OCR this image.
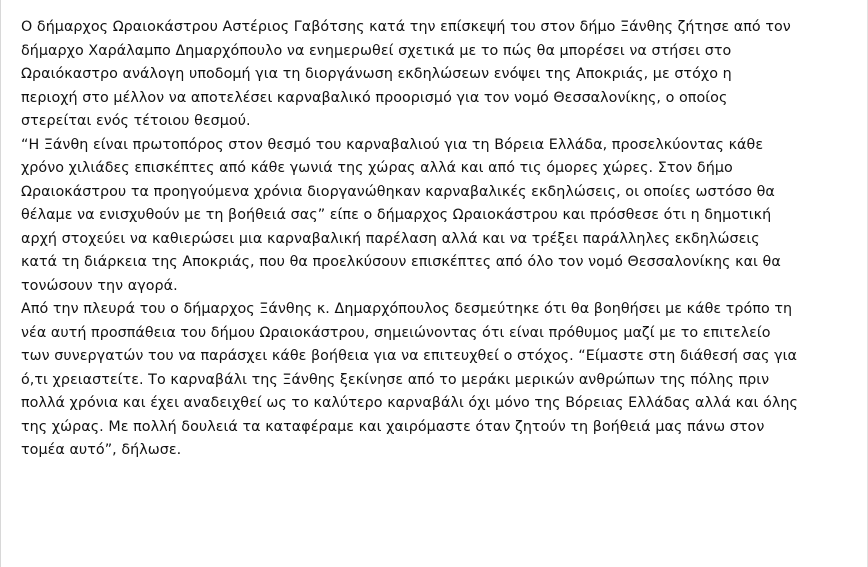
Ο δήμαρχος Ωραιοκάστρου Αστέριος Γαβότσης κατά την επίσκεψή του στον δήμο Ξάνθης ζήτησε από τον
δήμαρχο Χαράλαμπο Δημαρχόπουλο να ενημερωθεί σχετικά με το πώς θα μπορέσει να στήσει στο
Ωραιόκαστρο ανάλογη υποδομή για τη διοργάνωση εκδηλώσεων ενόψει της Αποκριάς, με στόχο η
περιοχή στο μέλλον να αποτελέσει καρναβαλικό προορισμό για τον νομό Θεσσαλονίκης, ο οποίος
στερείται ενός τέτοιου θεσμού.

“Η Ξάνθη είναι πρωτοπόρος στον θεσμό του καρναβαλιού για τη Βόρεια Ελλάδα, προσελκύοντας κάθε
χρόνο χιλιάδες επισκέπτες από κάθε γωνιά της χώρας αλλά και από τις όμορες χώρες. Στον δήμο
Ωραιοκάστρου τα προηγούμενα χρόνια διοργανώθηκαν καρναβαλικές εκδηλώσεις, οι οποίες ωστόσο θα
θέλαμε να ενισχυθούν με τη βοήθειά σας” είπε ο δήμαρχος Ωραιοκάστρου και πρόσθεσε ότι η δημοτική
αρχή στοχεύει να καθιερώσει μια καρναβαλική παρέλαση αλλά και να τρέξει παράλληλες εκδηλώσεις
κατά τη διάρκεια της Αποκριάς, που θα προελκύσουν επισκέπτες από όλο τον νομό Θεσσαλονίκης και θα
τονώσουν την αγορά.

Από την πλευρά του ο δήμαρχος Ξάνθης κ. Δημαρχόπουλος δεσμεύτηκε ότι θα βοηθήσει με κάθε τρόπο τη
νέα αυτή προσπάθεια του δήμου Ωραιοκάστρου, σημειώνοντας ότι είναι πρόθυμος μαζί με το επιτελείο
των συνεργατών του να παράσχει κάθε βοήθεια για να επιτευχθεί ο στόχος. “Είμαστε στη διάθεσή σας για
ό,τι χρειαστείτε. Το καρναβάλι της Ξάνθης ξεκίνησε από το μεράκι μερικών ανθρώπων της πόλης πριν
πολλά χρόνια και έχει αναδειχθεί ως το καλύτερο καρναβάλι όχι μόνο της Βόρειας Ελλάδας αλλά και όλης
της χώρας. Με πολλή δουλειά τα καταφέραμε και χαιρόμαστε όταν ζητούν τη βοήθειά μας πάνω στον
τομέα αυτό”, δήλωσε.
